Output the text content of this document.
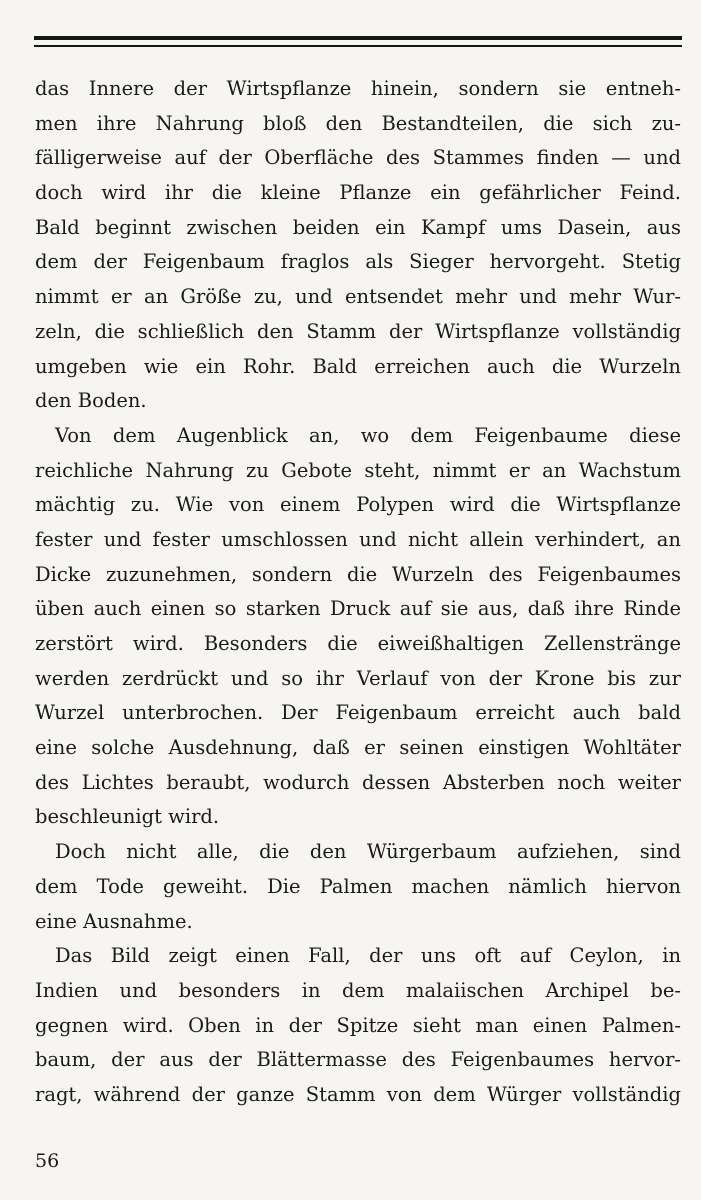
das Innere der Wirtspflanze hinein, sondern sie entneh-
men ihre Nahrung bloß den Bestandteilen, die sich zu-
fälligerweise auf der Oberfläche des Stammes finden — und
doch wird ihr die kleine Pflanze ein gefährlicher Feind.
Bald beginnt zwischen beiden ein Kampf ums Dasein, aus
dem der Feigenbaum fraglos als Sieger hervorgeht. Stetig
nimmt er an Größe zu, und entsendet mehr und mehr Wur-
zeln, die schließlich den Stamm der Wirtspflanze vollständig
umgeben wie ein Rohr. Bald erreichen auch die Wurzeln
den Boden.
Von dem Augenblick an, wo dem Feigenbaume diese
reichliche Nahrung zu Gebote steht, nimmt er an Wachstum
mächtig zu. Wie von einem Polypen wird die Wirtspflanze
fester und fester umschlossen und nicht allein verhindert, an
Dicke zuzunehmen, sondern die Wurzeln des Feigenbaumes
üben auch einen so starken Druck auf sie aus, daß ihre Rinde
zerstört wird. Besonders die eiweißhaltigen Zellenstränge
werden zerdrückt und so ihr Verlauf von der Krone bis zur
Wurzel unterbrochen. Der Feigenbaum erreicht auch bald
eine solche Ausdehnung, daß er seinen einstigen Wohltäter
des Lichtes beraubt, wodurch dessen Absterben noch weiter
beschleunigt wird.
Doch nicht alle, die den Würgerbaum aufziehen, sind
dem Tode geweiht. Die Palmen machen nämlich hiervon
eine Ausnahme.
Das Bild zeigt einen Fall, der uns oft auf Ceylon, in
Indien und besonders in dem malaiischen Archipel be-
gegnen wird. Oben in der Spitze sieht man einen Palmen-
baum, der aus der Blättermasse des Feigenbaumes hervor-
ragt, während der ganze Stamm von dem Würger vollständig
56
